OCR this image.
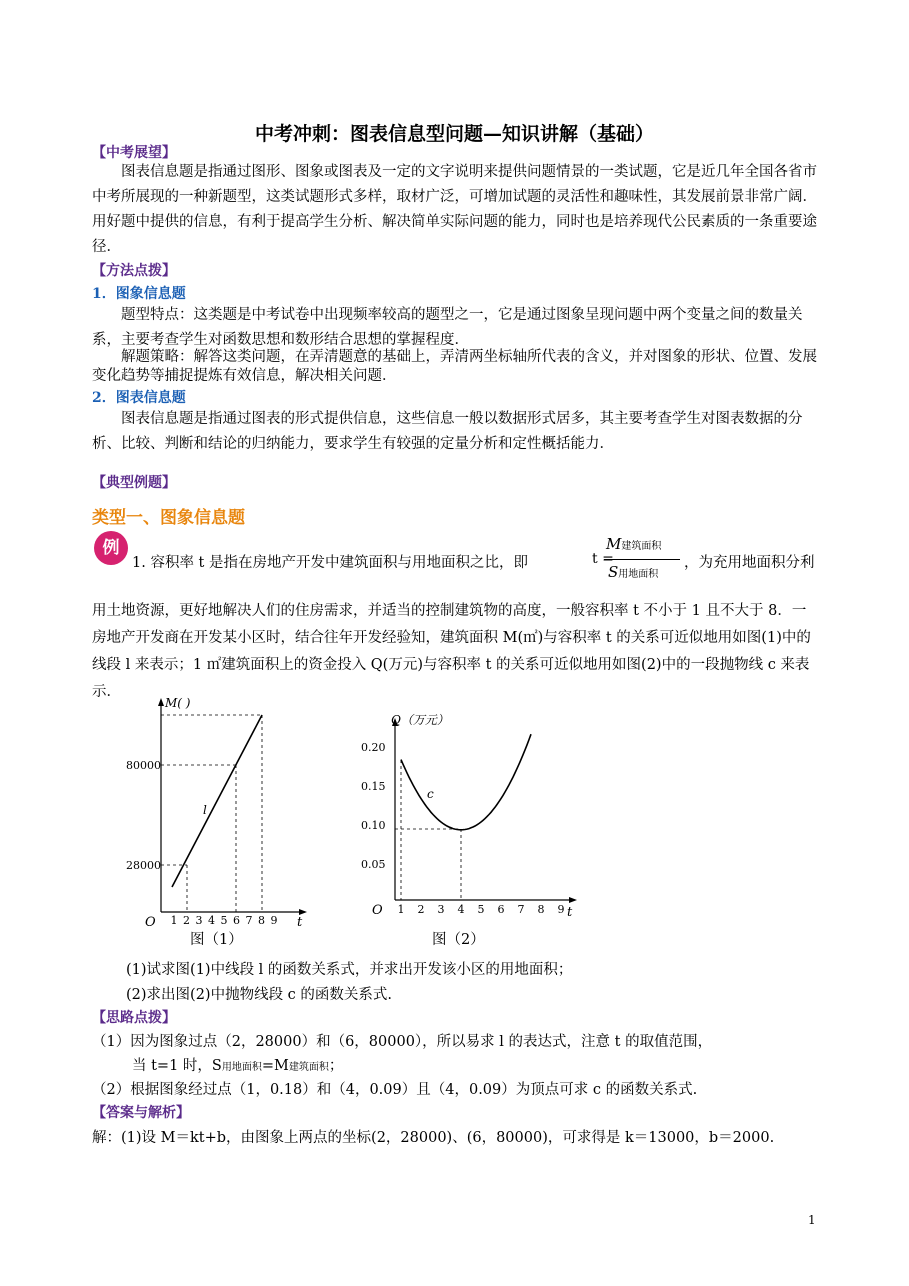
中考冲刺：图表信息型问题—知识讲解（基础）
【中考展望】
图表信息题是指通过图形、图象或图表及一定的文字说明来提供问题情景的一类试题，它是近几年全国各省市中考所展现的一种新题型，这类试题形式多样，取材广泛，可增加试题的灵活性和趣味性，其发展前景非常广阔．用好题中提供的信息，有利于提高学生分析、解决简单实际问题的能力，同时也是培养现代公民素质的一条重要途径．
【方法点拨】
1．图象信息题
题型特点：这类题是中考试卷中出现频率较高的题型之一，它是通过图象呈现问题中两个变量之间的数量关系，主要考查学生对函数思想和数形结合思想的掌握程度．
解题策略：解答这类问题，在弄清题意的基础上，弄清两坐标轴所代表的含义，并对图象的形状、位置、发展变化趋势等捕捉提炼有效信息，解决相关问题．
2．图表信息题
图表信息题是指通过图表的形式提供信息，这些信息一般以数据形式居多，其主要考查学生对图表数据的分析、比较、判断和结论的归纳能力，要求学生有较强的定量分析和定性概括能力．
【典型例题】
类型一、图象信息题
例
1. 容积率 t 是指在房地产开发中建筑面积与用地面积之比，即	t =
M建筑面积
S用地面积
，为充用地面积分利
用土地资源，更好地解决人们的住房需求，并适当的控制建筑物的高度，一般容积率 t 不小于 1 且不大于 8．一房地产开发商在开发某小区时，结合往年开发经验知，建筑面积 M(㎡)与容积率 t 的关系可近似地用如图(1)中的线段 l 来表示；1 ㎡建筑面积上的资金投入 Q(万元)与容积率 t 的关系可近似地用如图(2)中的一段抛物线 c 来表示．
M( )
80000
28000
O	t
l
1 2 3 4 5 6 7 8 9
图（1）
Q（万元）
0.20
0.15
0.10
0.05
O	t
c
1 2 3 4 5 6 7 8 9
图（2）
(1)试求图(1)中线段 l 的函数关系式，并求出开发该小区的用地面积；
(2)求出图(2)中抛物线段 c 的函数关系式.
【思路点拨】
（1）因为图象过点（2，28000）和（6，80000），所以易求 l 的表达式，注意 t 的取值范围，
当 t=1 时，S用地面积=M建筑面积；
（2）根据图象经过点（1，0.18）和（4，0.09）且（4，0.09）为顶点可求 c 的函数关系式.
【答案与解析】
解：(1)设 M＝kt+b，由图象上两点的坐标(2，28000)、(6，80000)，可求得是 k＝13000，b＝2000.
1
